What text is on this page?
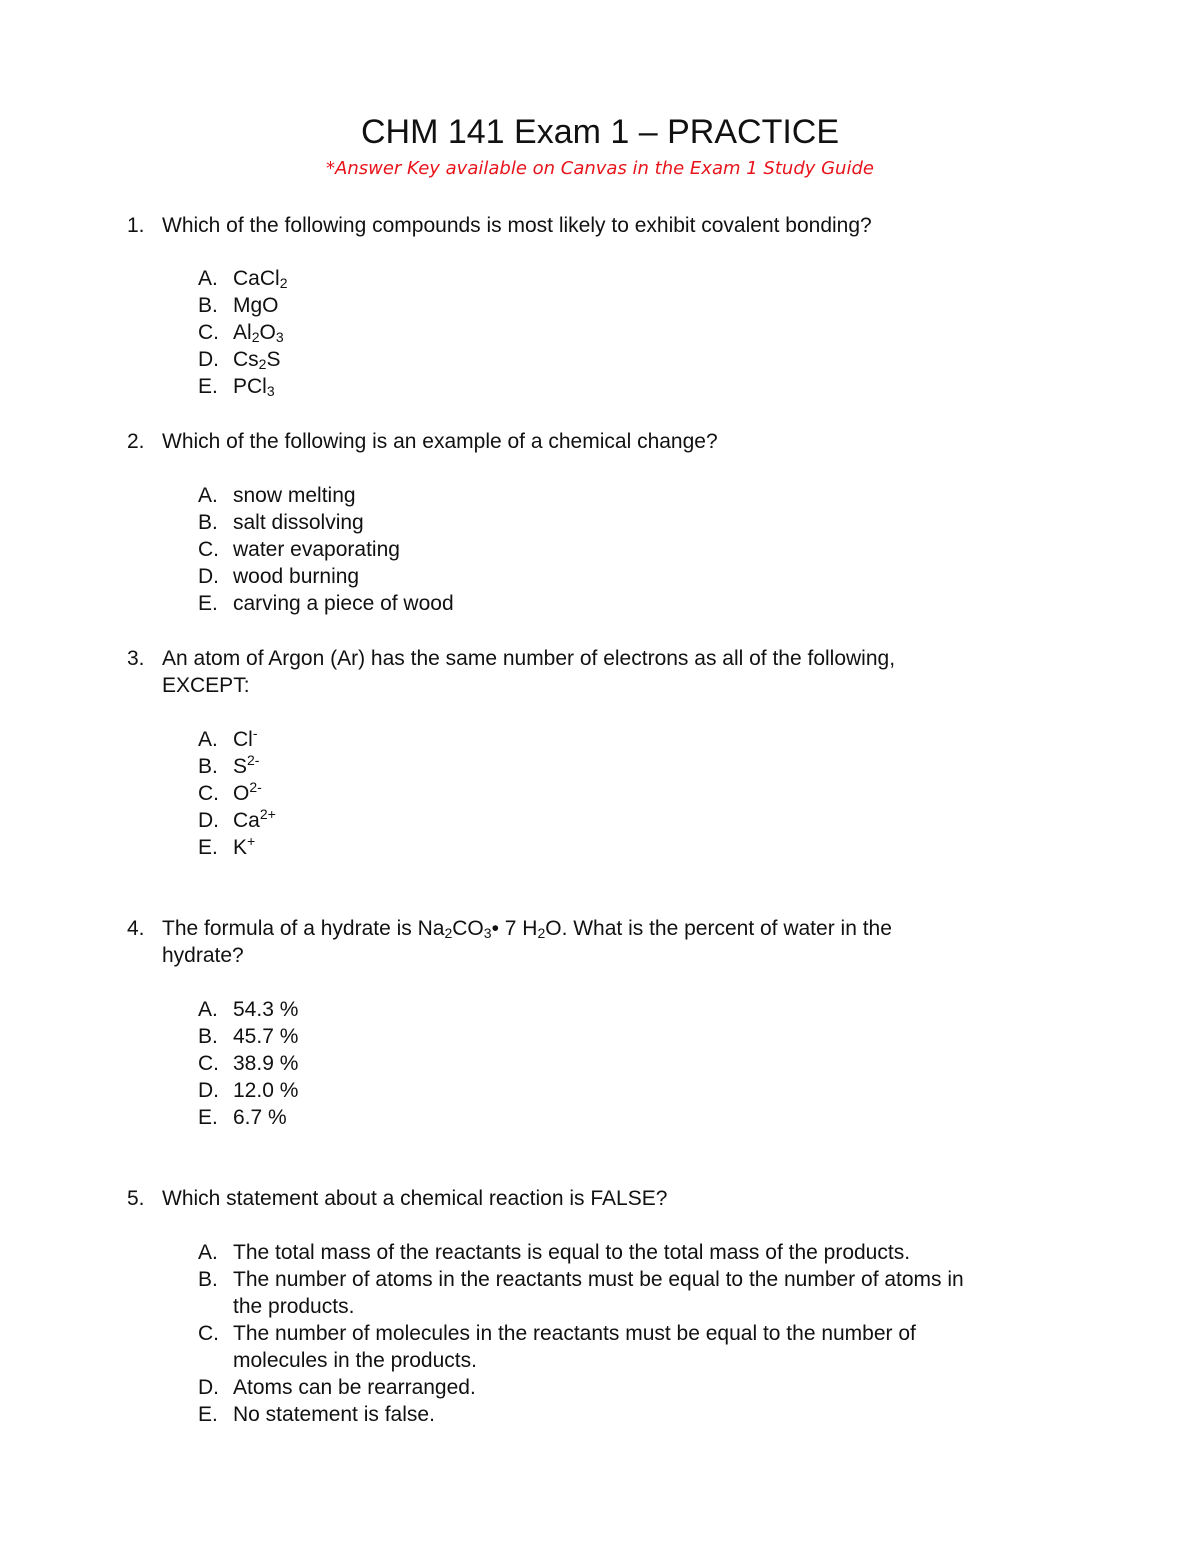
CHM 141 Exam 1 – PRACTICE
*Answer Key available on Canvas in the Exam 1 Study Guide
1. Which of the following compounds is most likely to exhibit covalent bonding?
A. CaCl$_2$
B. MgO
C. $Al_2O_3$
D. $Cs_2S$
E. PCl$_3$
2. Which of the following is an example of a chemical change?
A. snow melting
B. salt dissolving
C. water evaporating
D. wood burning
E. carving a piece of wood
3. An atom of Argon (Ar) has the same number of electrons as all of the following,
EXCEPT:
A. Cl-
B. $S^{2-}$
C. $O^{2-}$
D. $Ca^{2+}$
E. K+
4. The formula of a hydrate is $Na_2CO_3•$ 7 $H_2O$. What is the percent of water in the
hydrate?
A. 54.3 %
B. 45.7 %
C. 38.9 %
D. 12.0 %
E. 6.7 %
5. Which statement about a chemical reaction is FALSE?
A. The total mass of the reactants is equal to the total mass of the products.
B. The number of atoms in the reactants must be equal to the number of atoms in
the products.
C. The number of molecules in the reactants must be equal to the number of
molecules in the products.
D. Atoms can be rearranged.
E. No statement is false.
